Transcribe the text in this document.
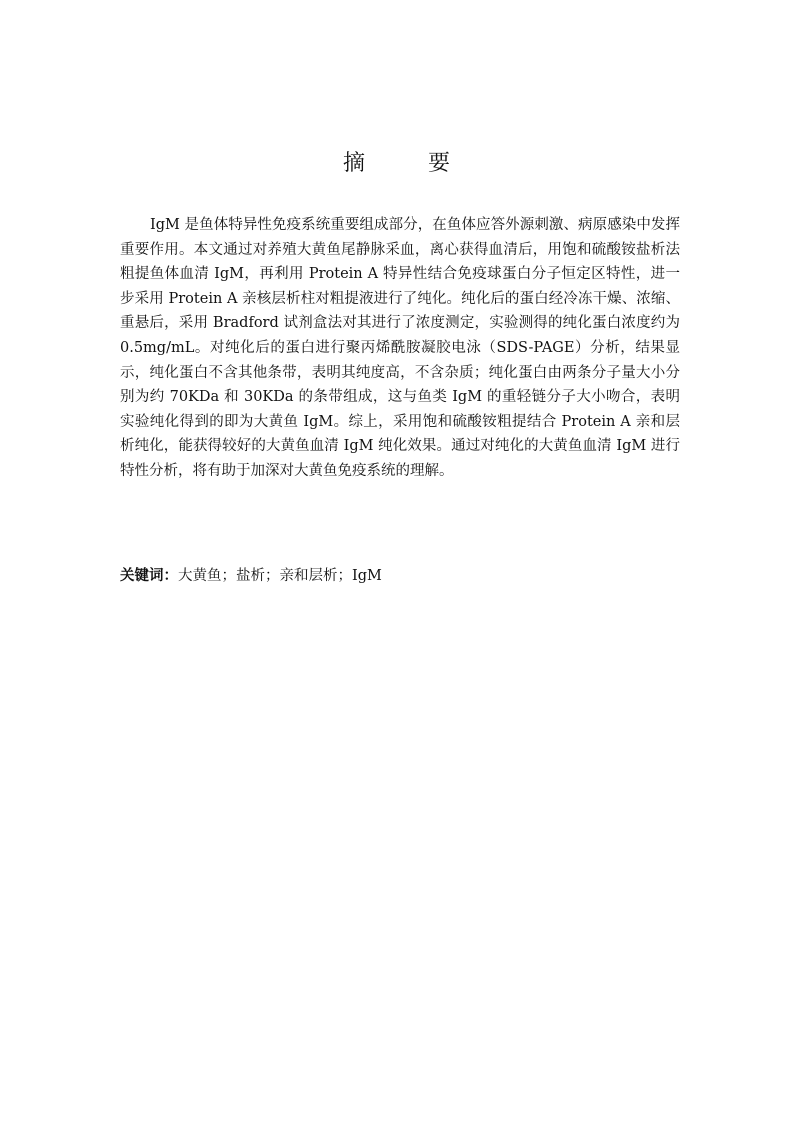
摘 要

IgM 是鱼体特异性免疫系统重要组成部分，在鱼体应答外源刺激、病原感染中发挥重要作用。本文通过对养殖大黄鱼尾静脉采血，离心获得血清后，用饱和硫酸铵盐析法粗提鱼体血清 IgM，再利用 Protein A 特异性结合免疫球蛋白分子恒定区特性，进一步采用 Protein A 亲核层析柱对粗提液进行了纯化。纯化后的蛋白经冷冻干燥、浓缩、重悬后，采用 Bradford 试剂盒法对其进行了浓度测定，实验测得的纯化蛋白浓度约为 0.5mg/mL。对纯化后的蛋白进行聚丙烯酰胺凝胶电泳（SDS-PAGE）分析，结果显示，纯化蛋白不含其他条带，表明其纯度高，不含杂质；纯化蛋白由两条分子量大小分别为约 70KDa 和 30KDa 的条带组成，这与鱼类 IgM 的重轻链分子大小吻合，表明实验纯化得到的即为大黄鱼 IgM。综上，采用饱和硫酸铵粗提结合 Protein A 亲和层析纯化，能获得较好的大黄鱼血清 IgM 纯化效果。通过对纯化的大黄鱼血清 IgM 进行特性分析，将有助于加深对大黄鱼免疫系统的理解。

关键词：大黄鱼；盐析；亲和层析；IgM
